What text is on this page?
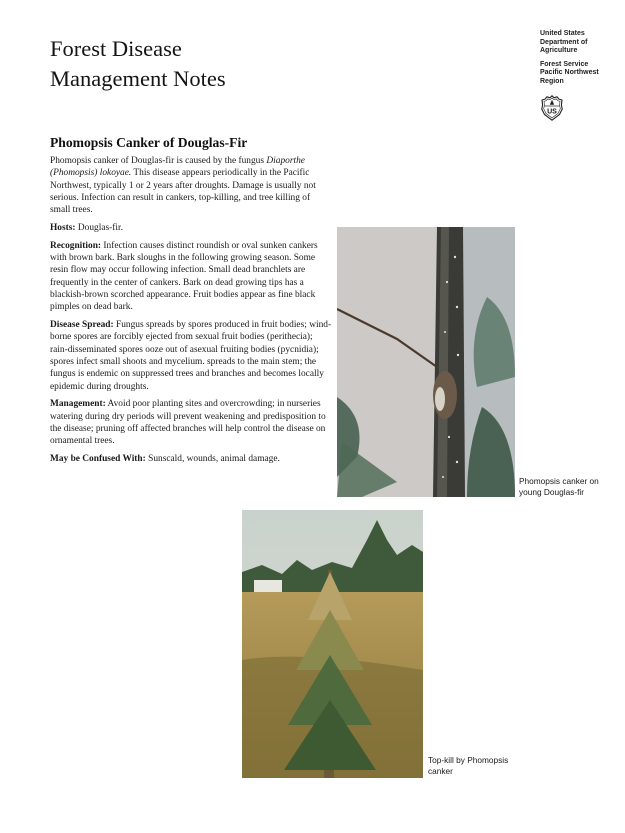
Forest Disease
Management Notes
United States
Department of
Agriculture
Forest Service
Pacific Northwest
Region
US
Phomopsis Canker of Douglas-Fir

Phomopsis canker of Douglas-fir is caused by the fungus Diaporthe (Phomopsis) lokoyae. This disease appears periodically in the Pacific Northwest, typically 1 or 2 years after droughts. Damage is usually not serious. Infection can result in cankers, top-killing, and tree killing of small trees.

Hosts: Douglas-fir.

Recognition: Infection causes distinct roundish or oval sunken cankers with brown bark. Bark sloughs in the following growing season. Some resin flow may occur following infection. Small dead branchlets are frequently in the center of cankers. Bark on dead growing tips has a blackish-brown scorched appearance. Fruit bodies appear as fine black pimples on dead bark.

Disease Spread: Fungus spreads by spores produced in fruit bodies; wind-borne spores are forcibly ejected from sexual fruit bodies (perithecia); rain-disseminated spores ooze out of asexual fruiting bodies (pycnidia); spores infect small shoots and mycelium. spreads to the main stem; the fungus is endemic on suppressed trees and branches and becomes locally epidemic during droughts.

Management: Avoid poor planting sites and overcrowding; in nurseries watering during dry periods will prevent weakening and predisposition to the disease; pruning off affected branches will help control the disease on ornamental trees.

May be Confused With: Sunscald, wounds, animal damage.

Phomopsis canker on young Douglas-fir
Top-kill by Phomopsis canker
